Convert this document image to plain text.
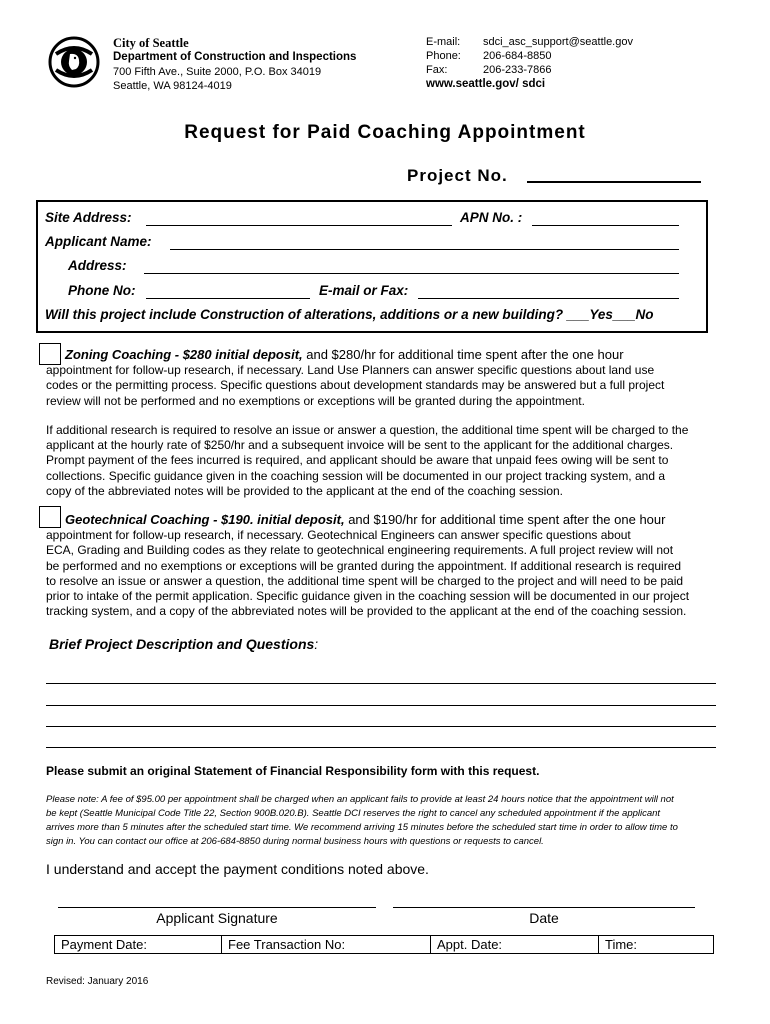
City of Seattle
Department of Construction and Inspections
700 Fifth Ave., Suite 2000, P.O. Box 34019
Seattle, WA 98124-4019
E-mail: sdci_asc_support@seattle.gov
Phone: 206-684-8850
Fax:	206-233-7866
www.seattle.gov/ sdci
Request for Paid Coaching Appointment
Project No.
Site Address:	APN No. :
Applicant Name:
Address:
Phone No:	E-mail or Fax:
Will this project include Construction of alterations, additions or a new building? ___Yes___No
Zoning Coaching - $280 initial deposit, and $280/hr for additional time spent after the one hour
appointment for follow-up research, if necessary. Land Use Planners can answer specific questions about land use
codes or the permitting process. Specific questions about development standards may be answered but a full project
review will not be performed and no exemptions or exceptions will be granted during the appointment.
If additional research is required to resolve an issue or answer a question, the additional time spent will be charged to the
applicant at the hourly rate of $250/hr and a subsequent invoice will be sent to the applicant for the additional charges.
Prompt payment of the fees incurred is required, and applicant should be aware that unpaid fees owing will be sent to
collections. Specific guidance given in the coaching session will be documented in our project tracking system, and a
copy of the abbreviated notes will be provided to the applicant at the end of the coaching session.
Geotechnical Coaching - $190. initial deposit, and $190/hr for additional time spent after the one hour
appointment for follow-up research, if necessary. Geotechnical Engineers can answer specific questions about
ECA, Grading and Building codes as they relate to geotechnical engineering requirements. A full project review will not
be performed and no exemptions or exceptions will be granted during the appointment. If additional research is required
to resolve an issue or answer a question, the additional time spent will be charged to the project and will need to be paid
prior to intake of the permit application. Specific guidance given in the coaching session will be documented in our project
tracking system, and a copy of the abbreviated notes will be provided to the applicant at the end of the coaching session.
Brief Project Description and Questions:
Please submit an original Statement of Financial Responsibility form with this request.
Please note: A fee of $95.00 per appointment shall be charged when an applicant fails to provide at least 24 hours notice that the appointment will not
be kept (Seattle Municipal Code Title 22, Section 900B.020.B). Seattle DCI reserves the right to cancel any scheduled appointment if the applicant
arrives more than 5 minutes after the scheduled start time. We recommend arriving 15 minutes before the scheduled start time in order to allow time to
sign in. You can contact our office at 206-684-8850 during normal business hours with questions or requests to cancel.
I understand and accept the payment conditions noted above.
Applicant Signature	Date
Payment Date:	Fee Transaction No:	Appt. Date:	Time:
Revised: January 2016
